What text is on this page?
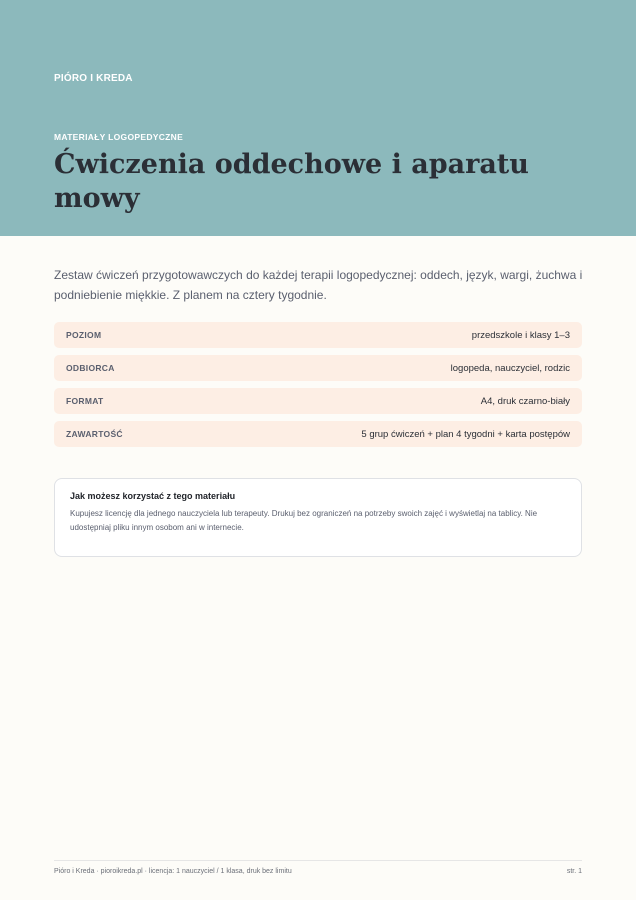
PIÓRO I KREDA
MATERIAŁY LOGOPEDYCZNE
Ćwiczenia oddechowe i aparatu mowy

Zestaw ćwiczeń przygotowawczych do każdej terapii logopedycznej: oddech, język, wargi, żuchwa i podniebienie miękkie. Z planem na cztery tygodnie.

POZIOM	przedszkole i klasy 1–3
ODBIORCA	logopeda, nauczyciel, rodzic
FORMAT	A4, druk czarno-biały
ZAWARTOŚĆ	5 grup ćwiczeń + plan 4 tygodni + karta postępów
Jak możesz korzystać z tego materiału

Kupujesz licencję dla jednego nauczyciela lub terapeuty. Drukuj bez ograniczeń na potrzeby swoich zajęć i wyświetlaj na tablicy. Nie udostępniaj pliku innym osobom ani w internecie.

Pióro i Kreda · pioroikreda.pl · licencja: 1 nauczyciel / 1 klasa, druk bez limitu	str. 1
